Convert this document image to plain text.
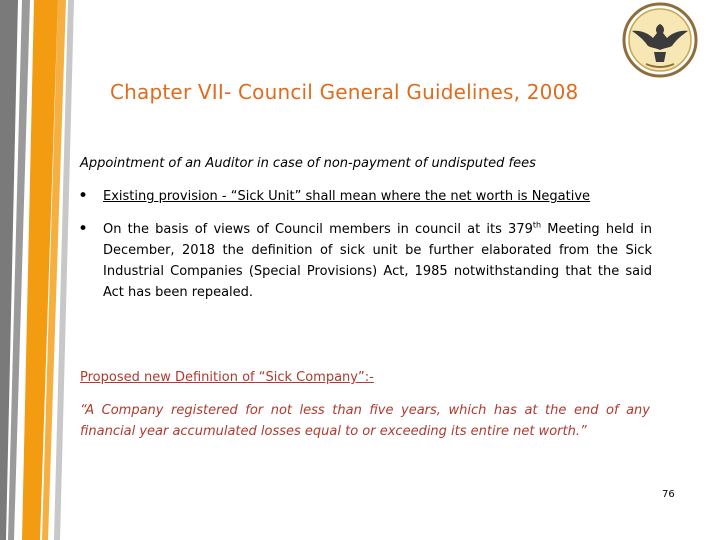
Chapter VII- Council General Guidelines, 2008
Appointment of an Auditor in case of non-payment of undisputed fees
• Existing provision - “Sick Unit” shall mean where the net worth is Negative
• On the basis of views of Council members in council at its 379th Meeting held in December, 2018 the definition of sick unit be further elaborated from the Sick Industrial Companies (Special Provisions) Act, 1985 notwithstanding that the said Act has been repealed.
Proposed new Definition of “Sick Company”:-
“A Company registered for not less than five years, which has at the end of any financial year accumulated losses equal to or exceeding its entire net worth.”
76
